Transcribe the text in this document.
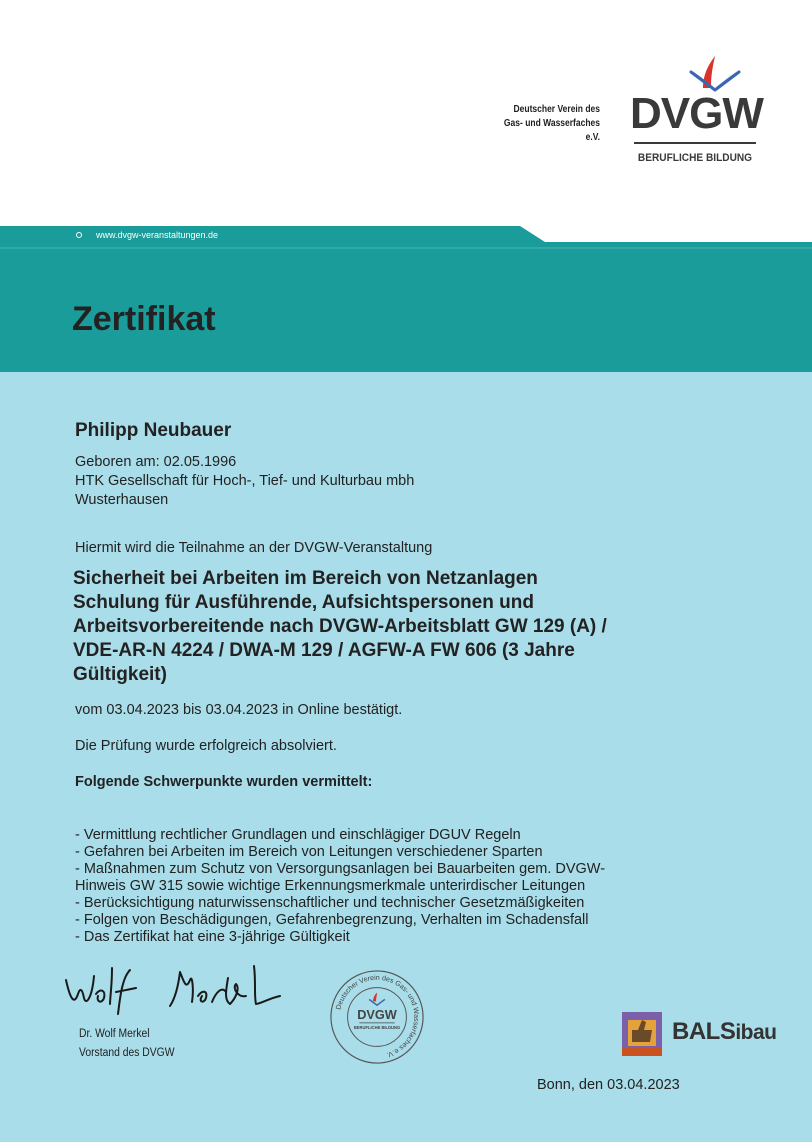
Deutscher Verein des
Gas- und Wasserfaches e.V. DVGW
BERUFLICHE BILDUNG
www.dvgw-veranstaltungen.de
Zertifikat
Philipp Neubauer
Geboren am: 02.05.1996
HTK Gesellschaft für Hoch-, Tief- und Kulturbau mbh
Wusterhausen
Hiermit wird die Teilnahme an der DVGW-Veranstaltung
Sicherheit bei Arbeiten im Bereich von Netzanlagen
Schulung für Ausführende, Aufsichtspersonen und
Arbeitsvorbereitende nach DVGW-Arbeitsblatt GW 129 (A) /
VDE-AR-N 4224 / DWA-M 129 / AGFW-A FW 606 (3 Jahre
Gültigkeit)
vom 03.04.2023 bis 03.04.2023 in Online bestätigt.
Die Prüfung wurde erfolgreich absolviert.
Folgende Schwerpunkte wurden vermittelt:
- Vermittlung rechtlicher Grundlagen und einschlägiger DGUV Regeln
- Gefahren bei Arbeiten im Bereich von Leitungen verschiedener Sparten
- Maßnahmen zum Schutz von Versorgungsanlagen bei Bauarbeiten gem. DVGW-
Hinweis GW 315 sowie wichtige Erkennungsmerkmale unterirdischer Leitungen
- Berücksichtigung naturwissenschaftlicher und technischer Gesetzmäßigkeiten
- Folgen von Beschädigungen, Gefahrenbegrenzung, Verhalten im Schadensfall
- Das Zertifikat hat eine 3-jährige Gültigkeit
Dr. Wolf Merkel
Vorstand des DVGW
Deutscher Verein des Gas- und Wasserfaches e.V.
DVGW
BERUFLICHE BILDUNG	BALSibau
Bonn, den 03.04.2023
